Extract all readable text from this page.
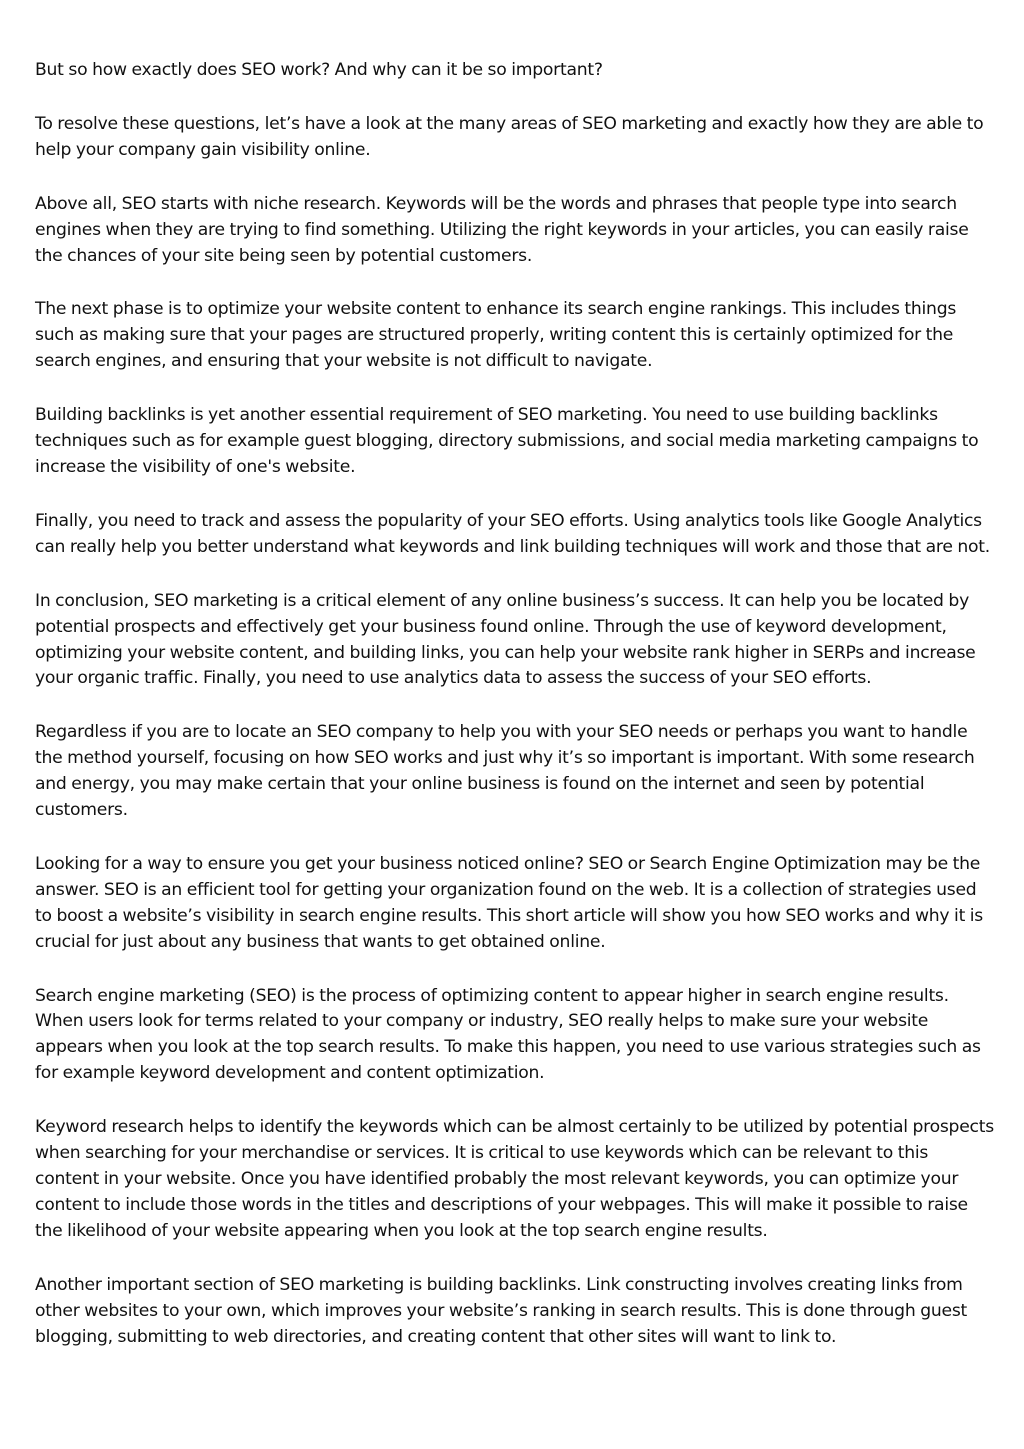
But so how exactly does SEO work? And why can it be so important?

To resolve these questions, let’s have a look at the many areas of SEO marketing and exactly how they are able to help your company gain visibility online.

Above all, SEO starts with niche research. Keywords will be the words and phrases that people type into search engines when they are trying to find something. Utilizing the right keywords in your articles, you can easily raise the chances of your site being seen by potential customers.

The next phase is to optimize your website content to enhance its search engine rankings. This includes things such as making sure that your pages are structured properly, writing content this is certainly optimized for the search engines, and ensuring that your website is not difficult to navigate.

Building backlinks is yet another essential requirement of SEO marketing. You need to use building backlinks techniques such as for example guest blogging, directory submissions, and social media marketing campaigns to increase the visibility of one's website.

Finally, you need to track and assess the popularity of your SEO efforts. Using analytics tools like Google Analytics can really help you better understand what keywords and link building techniques will work and those that are not.

In conclusion, SEO marketing is a critical element of any online business’s success. It can help you be located by potential prospects and effectively get your business found online. Through the use of keyword development, optimizing your website content, and building links, you can help your website rank higher in SERPs and increase your organic traffic. Finally, you need to use analytics data to assess the success of your SEO efforts.

Regardless if you are to locate an SEO company to help you with your SEO needs or perhaps you want to handle the method yourself, focusing on how SEO works and just why it’s so important is important. With some research and energy, you may make certain that your online business is found on the internet and seen by potential customers.

Looking for a way to ensure you get your business noticed online? SEO or Search Engine Optimization may be the answer. SEO is an efficient tool for getting your organization found on the web. It is a collection of strategies used to boost a website’s visibility in search engine results. This short article will show you how SEO works and why it is crucial for just about any business that wants to get obtained online.

Search engine marketing (SEO) is the process of optimizing content to appear higher in search engine results. When users look for terms related to your company or industry, SEO really helps to make sure your website appears when you look at the top search results. To make this happen, you need to use various strategies such as for example keyword development and content optimization.

Keyword research helps to identify the keywords which can be almost certainly to be utilized by potential prospects when searching for your merchandise or services. It is critical to use keywords which can be relevant to this content in your website. Once you have identified probably the most relevant keywords, you can optimize your content to include those words in the titles and descriptions of your webpages. This will make it possible to raise the likelihood of your website appearing when you look at the top search engine results.

Another important section of SEO marketing is building backlinks. Link constructing involves creating links from other websites to your own, which improves your website’s ranking in search results. This is done through guest blogging, submitting to web directories, and creating content that other sites will want to link to.
